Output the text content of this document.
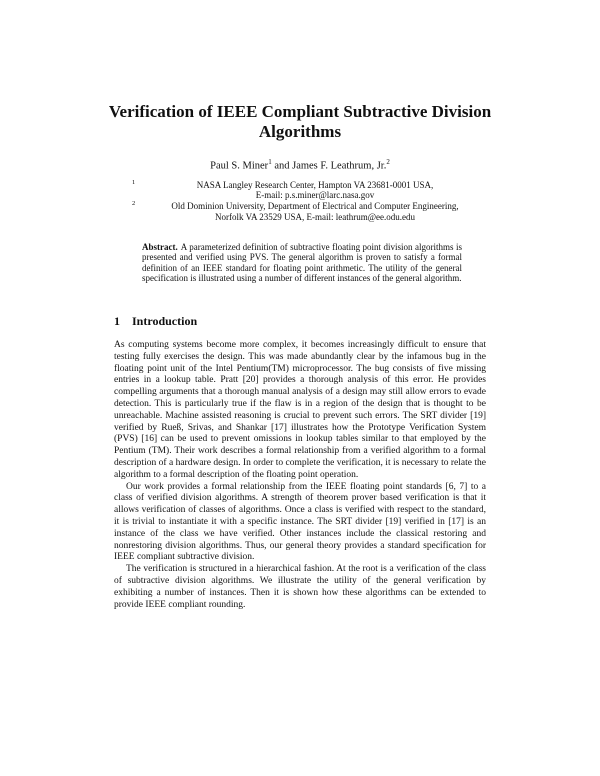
Verification of IEEE Compliant Subtractive Division Algorithms
Paul S. Miner$^1$ and James F. Leathrum, Jr.$^2$
1	NASA Langley Research Center, Hampton VA 23681-0001 USA,
E-mail: p.s.miner@larc.nasa.gov
2	Old Dominion University, Department of Electrical and Computer Engineering,
Norfolk VA 23529 USA, E-mail: leathrum@ee.odu.edu

Abstract. A parameterized definition of subtractive floating point division algorithms is presented and verified using PVS. The general algorithm is proven to satisfy a formal definition of an IEEE standard for floating point arithmetic. The utility of the general specification is illustrated using a number of different instances of the general algorithm.

1 Introduction

As computing systems become more complex, it becomes increasingly difficult to ensure that testing fully exercises the design. This was made abundantly clear by the infamous bug in the floating point unit of the Intel Pentium(TM) microprocessor. The bug consists of five missing entries in a lookup table. Pratt [20] provides a thorough analysis of this error. He provides compelling arguments that a thorough manual analysis of a design may still allow errors to evade detection. This is particularly true if the flaw is in a region of the design that is thought to be unreachable. Machine assisted reasoning is crucial to prevent such errors. The SRT divider [19] verified by Rueß, Srivas, and Shankar [17] illustrates how the Prototype Verification System (PVS) [16] can be used to prevent omissions in lookup tables similar to that employed by the Pentium (TM). Their work describes a formal relationship from a verified algorithm to a formal description of a hardware design. In order to complete the verification, it is necessary to relate the algorithm to a formal description of the floating point operation.

Our work provides a formal relationship from the IEEE floating point standards [6, 7] to a class of verified division algorithms. A strength of theorem prover based verification is that it allows verification of classes of algorithms. Once a class is verified with respect to the standard, it is trivial to instantiate it with a specific instance. The SRT divider [19] verified in [17] is an instance of the class we have verified. Other instances include the classical restoring and nonrestoring division algorithms. Thus, our general theory provides a standard specification for IEEE compliant subtractive division.

The verification is structured in a hierarchical fashion. At the root is a verification of the class of subtractive division algorithms. We illustrate the utility of the general verification by exhibiting a number of instances. Then it is shown how these algorithms can be extended to provide IEEE compliant rounding.
